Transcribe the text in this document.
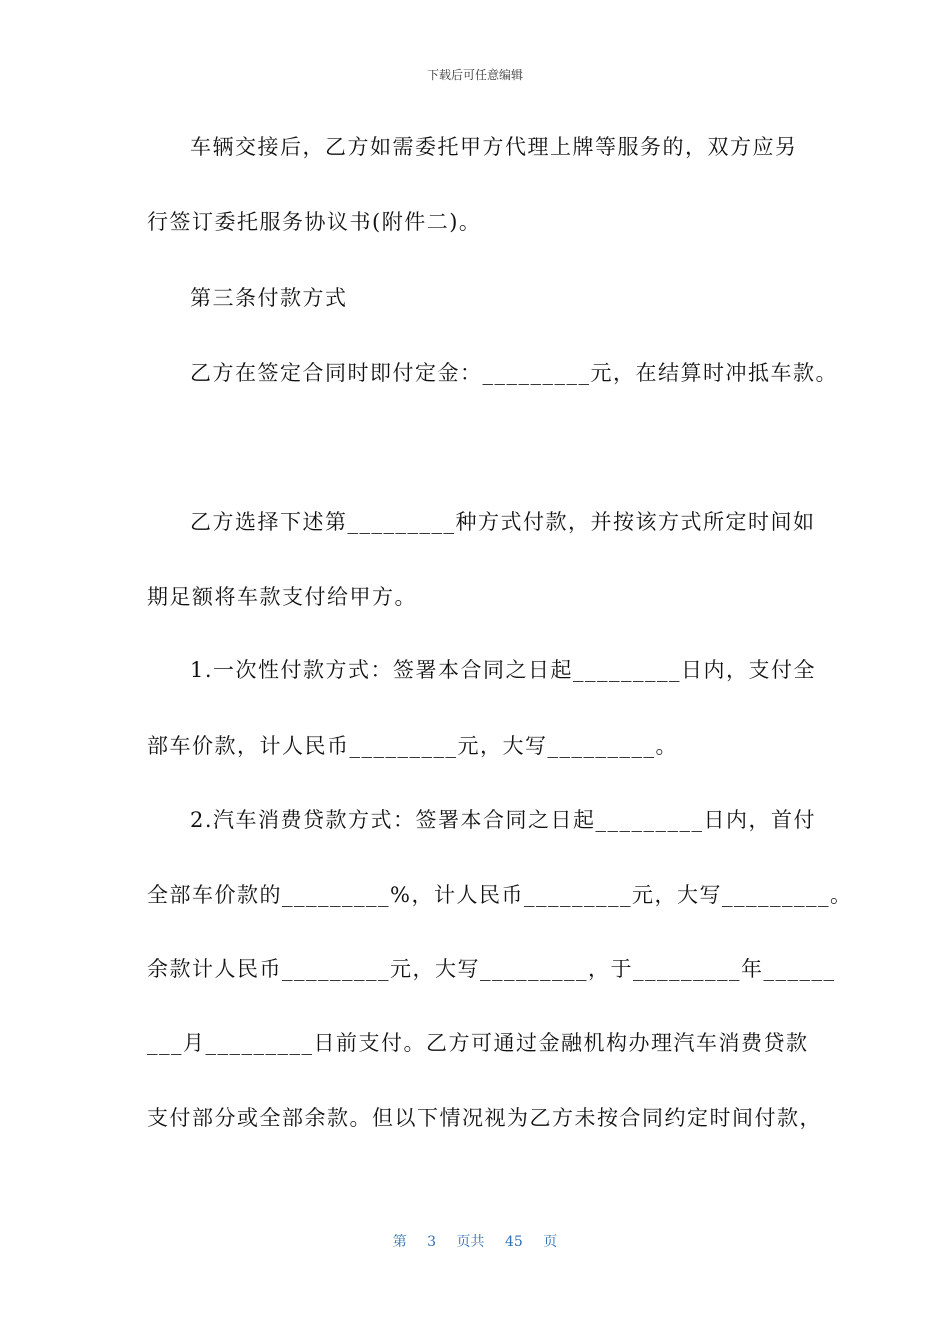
下载后可任意编辑
车辆交接后，乙方如需委托甲方代理上牌等服务的，双方应另
行签订委托服务协议书(附件二)。
第三条付款方式
乙方在签定合同时即付定金：_________元，在结算时冲抵车款。
乙方选择下述第_________种方式付款，并按该方式所定时间如
期足额将车款支付给甲方。
1.一次性付款方式：签署本合同之日起_________日内，支付全
部车价款，计人民币_________元，大写_________。
2.汽车消费贷款方式：签署本合同之日起_________日内，首付
全部车价款的_________%，计人民币_________元，大写_________。
余款计人民币_________元，大写_________，于_________年______
___月_________日前支付。乙方可通过金融机构办理汽车消费贷款
支付部分或全部余款。但以下情况视为乙方未按合同约定时间付款，
第 3 页共 45 页
